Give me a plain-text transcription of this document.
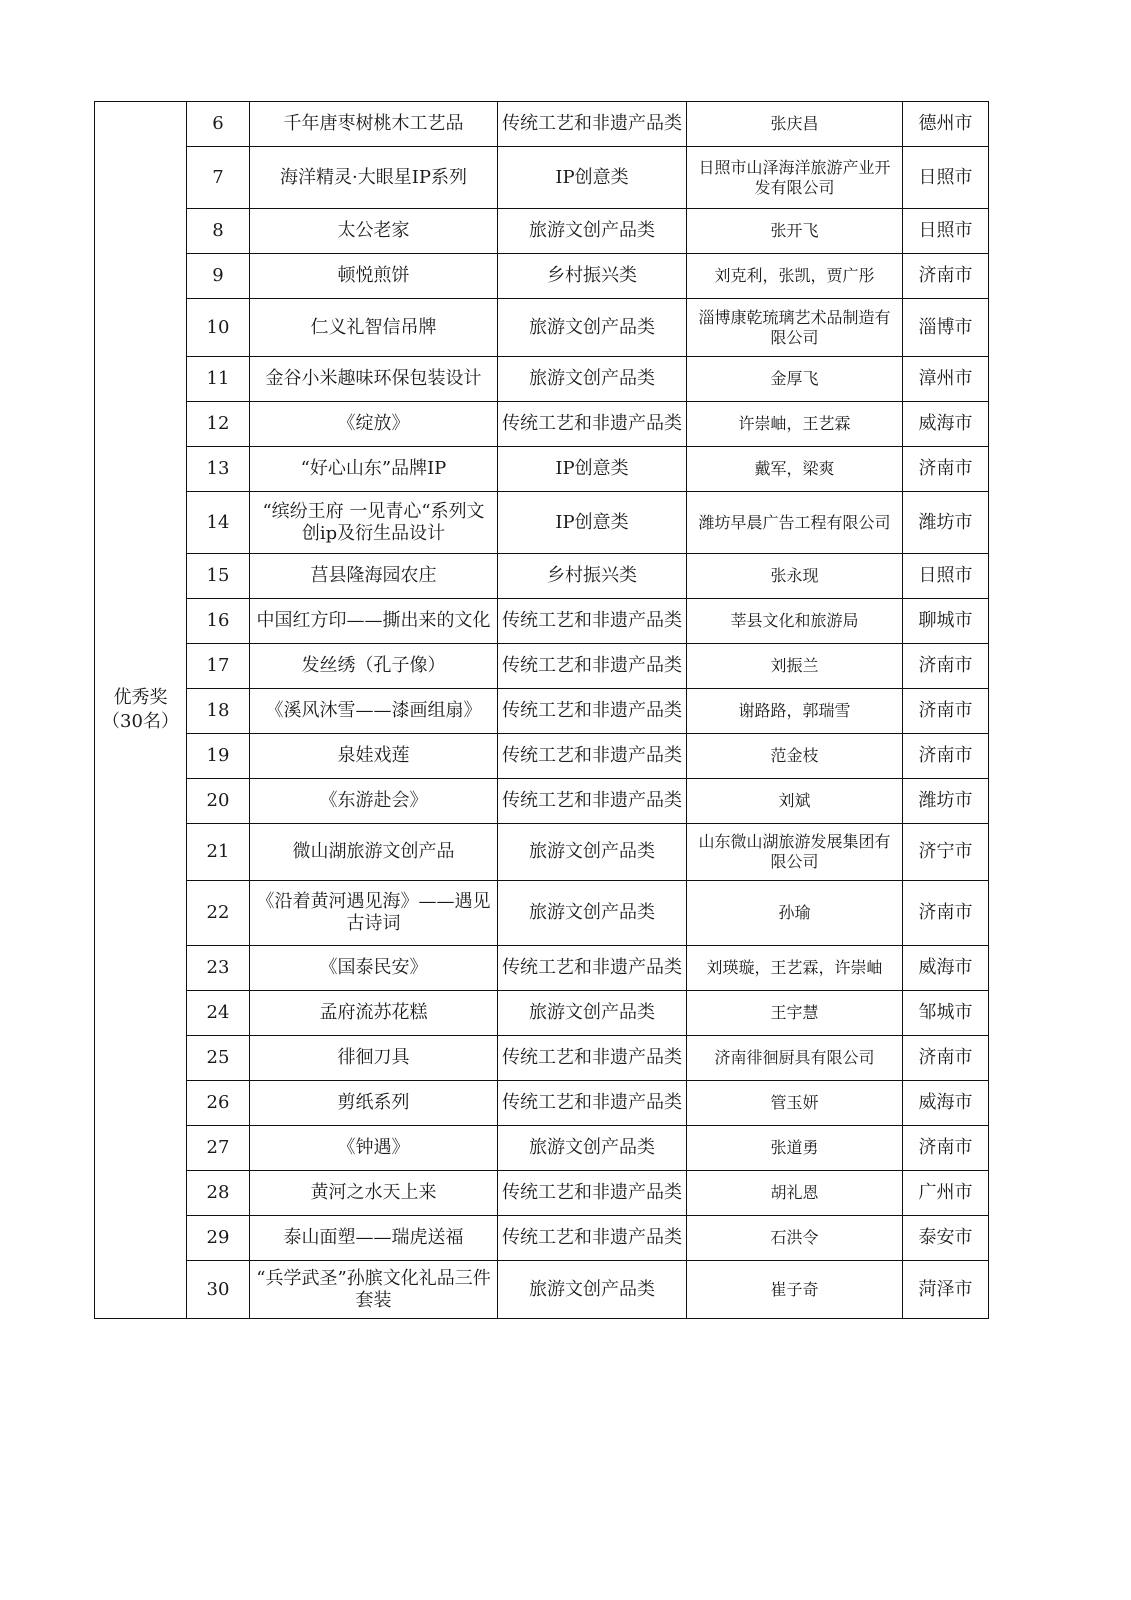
优秀奖
（30名）	6	千年唐枣树桃木工艺品	传统工艺和非遗产品类	张庆昌	德州市
	7	海洋精灵·大眼星IP系列	IP创意类	日照市山泽海洋旅游产业开发有限公司	日照市
	8	太公老家	旅游文创产品类	张开飞	日照市
	9	顿悦煎饼	乡村振兴类	刘克利，张凯，贾广彤	济南市
	10	仁义礼智信吊牌	旅游文创产品类	淄博康乾琉璃艺术品制造有限公司	淄博市
	11	金谷小米趣味环保包装设计	旅游文创产品类	金厚飞	漳州市
	12	《绽放》	传统工艺和非遗产品类	许崇岫，王艺霖	威海市
	13	“好心山东”品牌IP	IP创意类	戴军，梁爽	济南市
	14	“缤纷王府 一见青心“系列文创ip及衍生品设计	IP创意类	潍坊早晨广告工程有限公司	潍坊市
	15	莒县隆海园农庄	乡村振兴类	张永现	日照市
	16	中国红方印——撕出来的文化	传统工艺和非遗产品类	莘县文化和旅游局	聊城市
	17	发丝绣（孔子像）	传统工艺和非遗产品类	刘振兰	济南市
	18	《溪风沐雪——漆画组扇》	传统工艺和非遗产品类	谢路路，郭瑞雪	济南市
	19	泉娃戏莲	传统工艺和非遗产品类	范金枝	济南市
	20	《东游赴会》	传统工艺和非遗产品类	刘斌	潍坊市
	21	微山湖旅游文创产品	旅游文创产品类	山东微山湖旅游发展集团有限公司	济宁市
	22	《沿着黄河遇见海》——遇见古诗词	旅游文创产品类	孙瑜	济南市
	23	《国泰民安》	传统工艺和非遗产品类	刘瑛璇，王艺霖，许崇岫	威海市
	24	孟府流苏花糕	旅游文创产品类	王宇慧	邹城市
	25	徘徊刀具	传统工艺和非遗产品类	济南徘徊厨具有限公司	济南市
	26	剪纸系列	传统工艺和非遗产品类	管玉妍	威海市
	27	《钟遇》	旅游文创产品类	张道勇	济南市
	28	黄河之水天上来	传统工艺和非遗产品类	胡礼恩	广州市
	29	泰山面塑——瑞虎送福	传统工艺和非遗产品类	石洪令	泰安市
	30	“兵学武圣”孙膑文化礼品三件套装	旅游文创产品类	崔子奇	菏泽市
